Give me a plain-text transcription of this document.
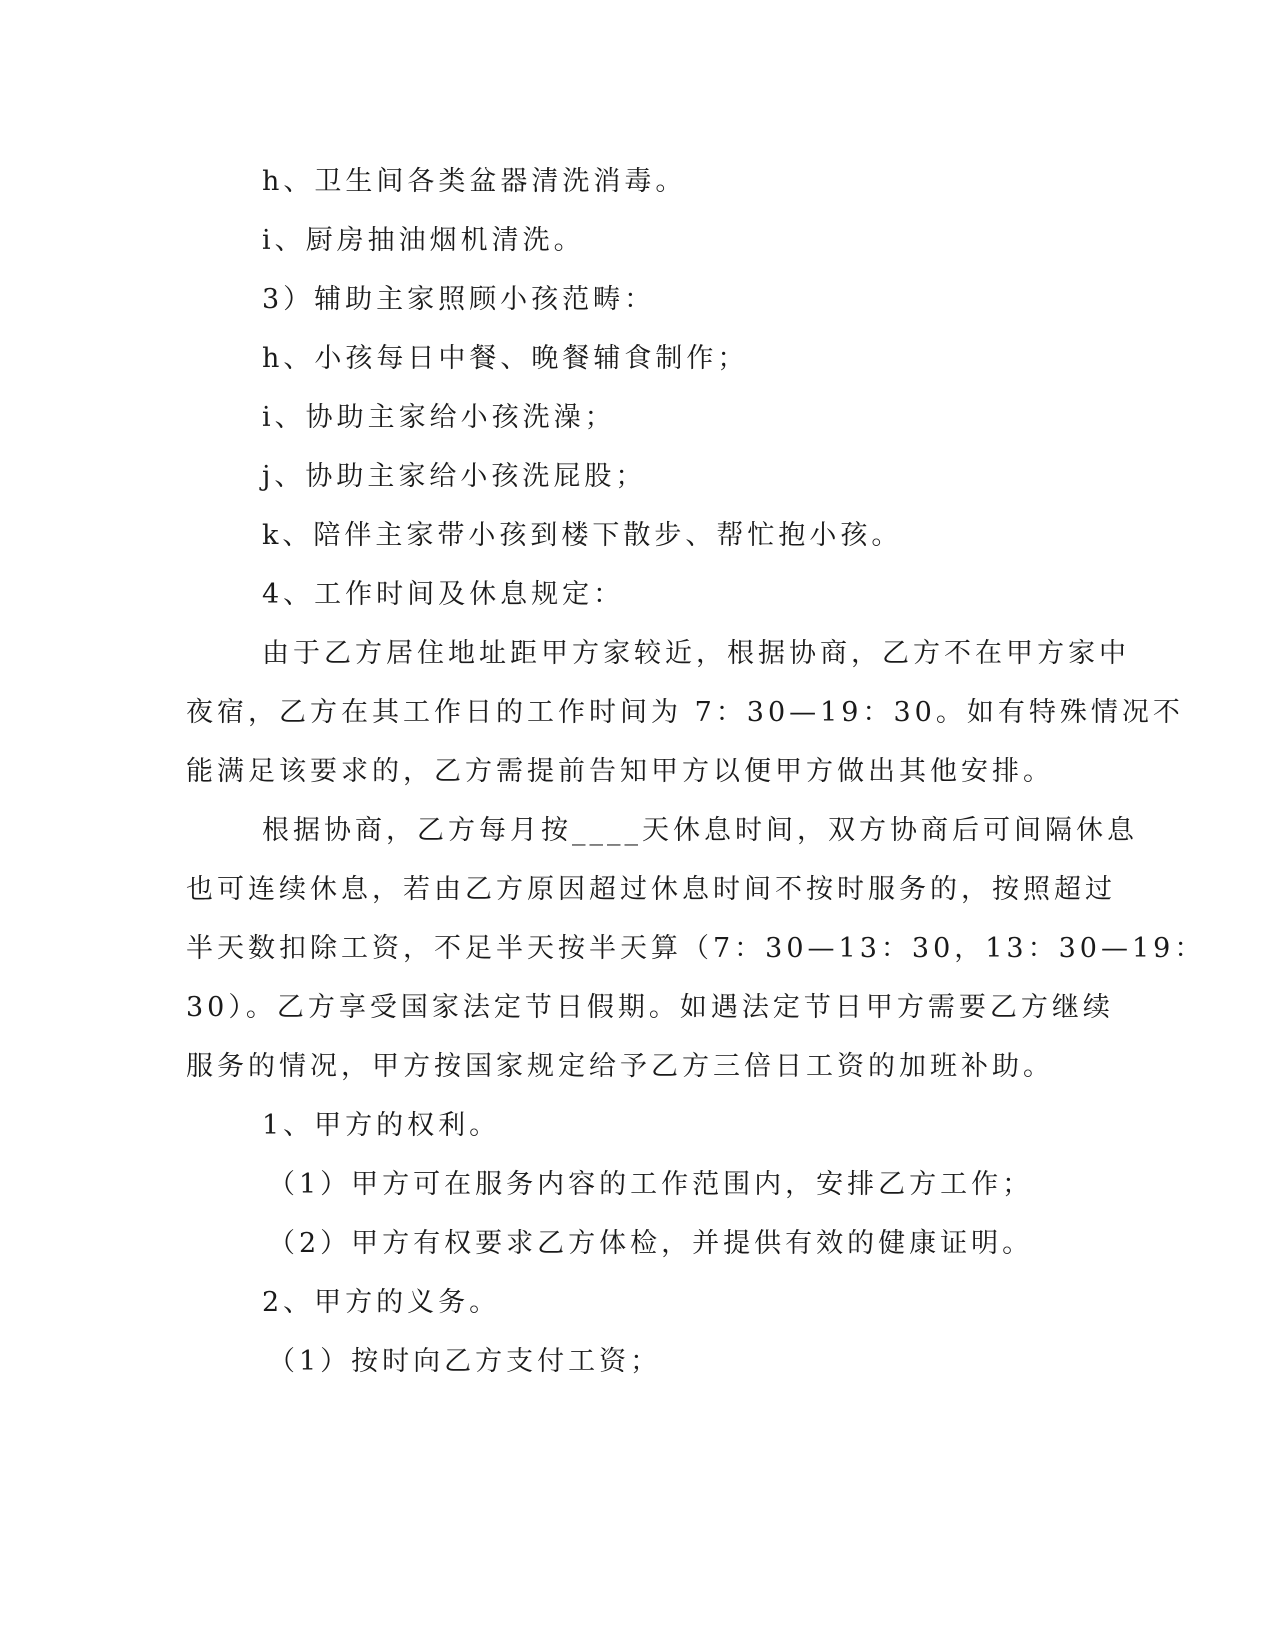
h、卫生间各类盆器清洗消毒。
i、厨房抽油烟机清洗。
3）辅助主家照顾小孩范畴：
h、小孩每日中餐、晚餐辅食制作；
i、协助主家给小孩洗澡；
j、协助主家给小孩洗屁股；
k、陪伴主家带小孩到楼下散步、帮忙抱小孩。
4、工作时间及休息规定：
由于乙方居住地址距甲方家较近，根据协商，乙方不在甲方家中
夜宿，乙方在其工作日的工作时间为 7：30—19：30。如有特殊情况不
能满足该要求的，乙方需提前告知甲方以便甲方做出其他安排。
根据协商，乙方每月按____天休息时间，双方协商后可间隔休息
也可连续休息，若由乙方原因超过休息时间不按时服务的，按照超过
半天数扣除工资，不足半天按半天算（7：30—13：30，13：30—19：
30）。乙方享受国家法定节日假期。如遇法定节日甲方需要乙方继续
服务的情况，甲方按国家规定给予乙方三倍日工资的加班补助。
1、甲方的权利。
（1）甲方可在服务内容的工作范围内，安排乙方工作；
（2）甲方有权要求乙方体检，并提供有效的健康证明。
2、甲方的义务。
（1）按时向乙方支付工资；
